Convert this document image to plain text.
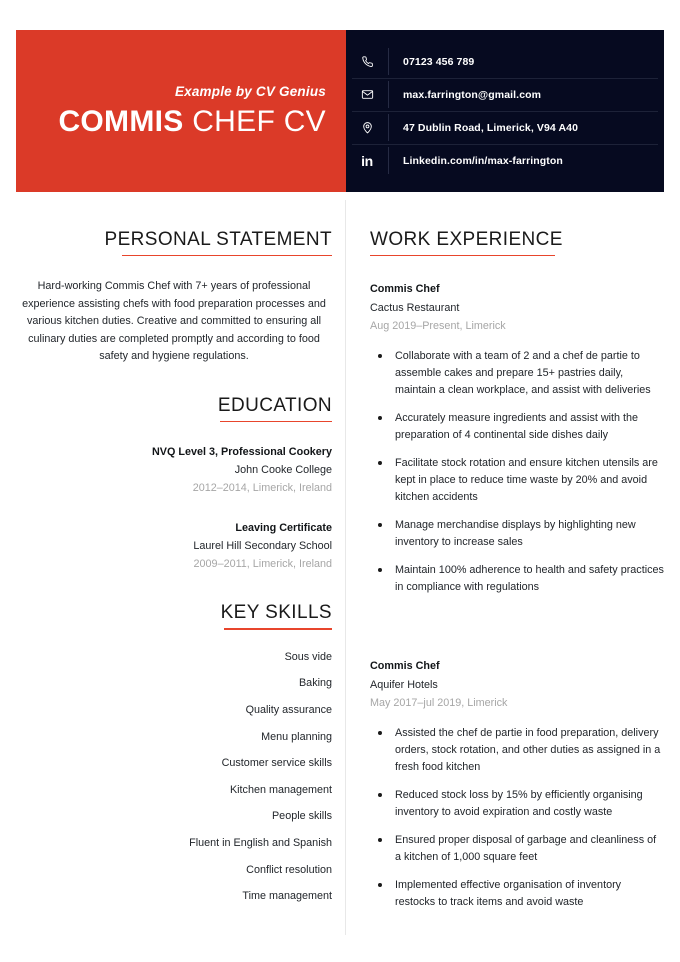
Example by CV Genius
COMMIS CHEF CV
07123 456 789
max.farrington@gmail.com
47 Dublin Road, Limerick, V94 A40
in	Linkedin.com/in/max-farrington
PERSONAL STATEMENT

Hard-working Commis Chef with 7+ years of professional experience assisting chefs with food preparation processes and various kitchen duties. Creative and committed to ensuring all culinary duties are completed promptly and according to food safety and hygiene regulations.

EDUCATION
NVQ Level 3, Professional Cookery
John Cooke College
2012–2014, Limerick, Ireland
Leaving Certificate
Laurel Hill Secondary School
2009–2011, Limerick, Ireland
KEY SKILLS
Sous vide
Baking
Quality assurance
Menu planning
Customer service skills
Kitchen management
People skills
Fluent in English and Spanish
Conflict resolution
Time management
WORK EXPERIENCE
Commis Chef
Cactus Restaurant
Aug 2019–Present, Limerick
Collaborate with a team of 2 and a chef de partie to assemble cakes and prepare 15+ pastries daily, maintain a clean workplace, and assist with deliveries
Accurately measure ingredients and assist with the preparation of 4 continental side dishes daily
Facilitate stock rotation and ensure kitchen utensils are kept in place to reduce time waste by 20% and avoid kitchen accidents
Manage merchandise displays by highlighting new inventory to increase sales
Maintain 100% adherence to health and safety practices in compliance with regulations
Commis Chef
Aquifer Hotels
May 2017–jul 2019, Limerick
Assisted the chef de partie in food preparation, delivery orders, stock rotation, and other duties as assigned in a fresh food kitchen
Reduced stock loss by 15% by efficiently organising inventory to avoid expiration and costly waste
Ensured proper disposal of garbage and cleanliness of a kitchen of 1,000 square feet
Implemented effective organisation of inventory restocks to track items and avoid waste
